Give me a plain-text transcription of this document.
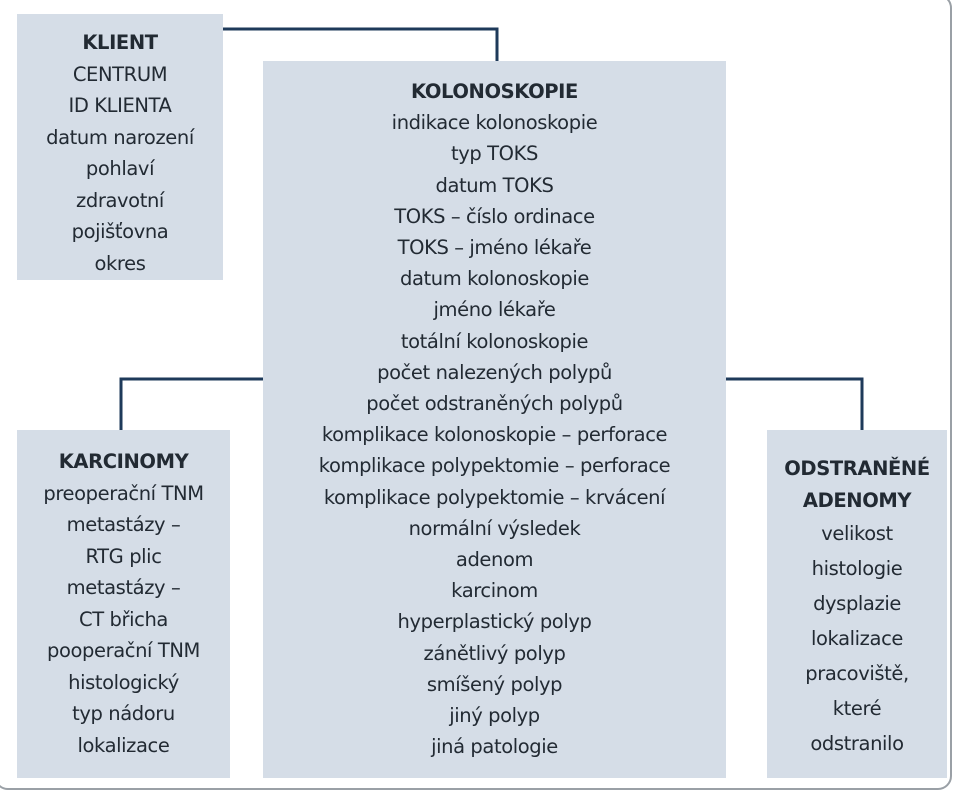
KLIENT
CENTRUM
ID KLIENTA
datum narození
pohlaví
zdravotní
pojišťovna
okres
KOLONOSKOPIE
indikace kolonoskopie
typ TOKS
datum TOKS
TOKS – číslo ordinace
TOKS – jméno lékaře
datum kolonoskopie
jméno lékaře
totální kolonoskopie
počet nalezených polypů
počet odstraněných polypů
komplikace kolonoskopie – perforace
komplikace polypektomie – perforace
komplikace polypektomie – krvácení
normální výsledek
adenom
karcinom
hyperplastický polyp
zánětlivý polyp
smíšený polyp
jiný polyp
jiná patologie
KARCINOMY
preoperační TNM
metastázy –
RTG plic
metastázy –
CT břicha
pooperační TNM
histologický
typ nádoru
lokalizace
ODSTRANĚNÉ
ADENOMY
velikost
histologie
dysplazie
lokalizace
pracoviště,
které
odstranilo
